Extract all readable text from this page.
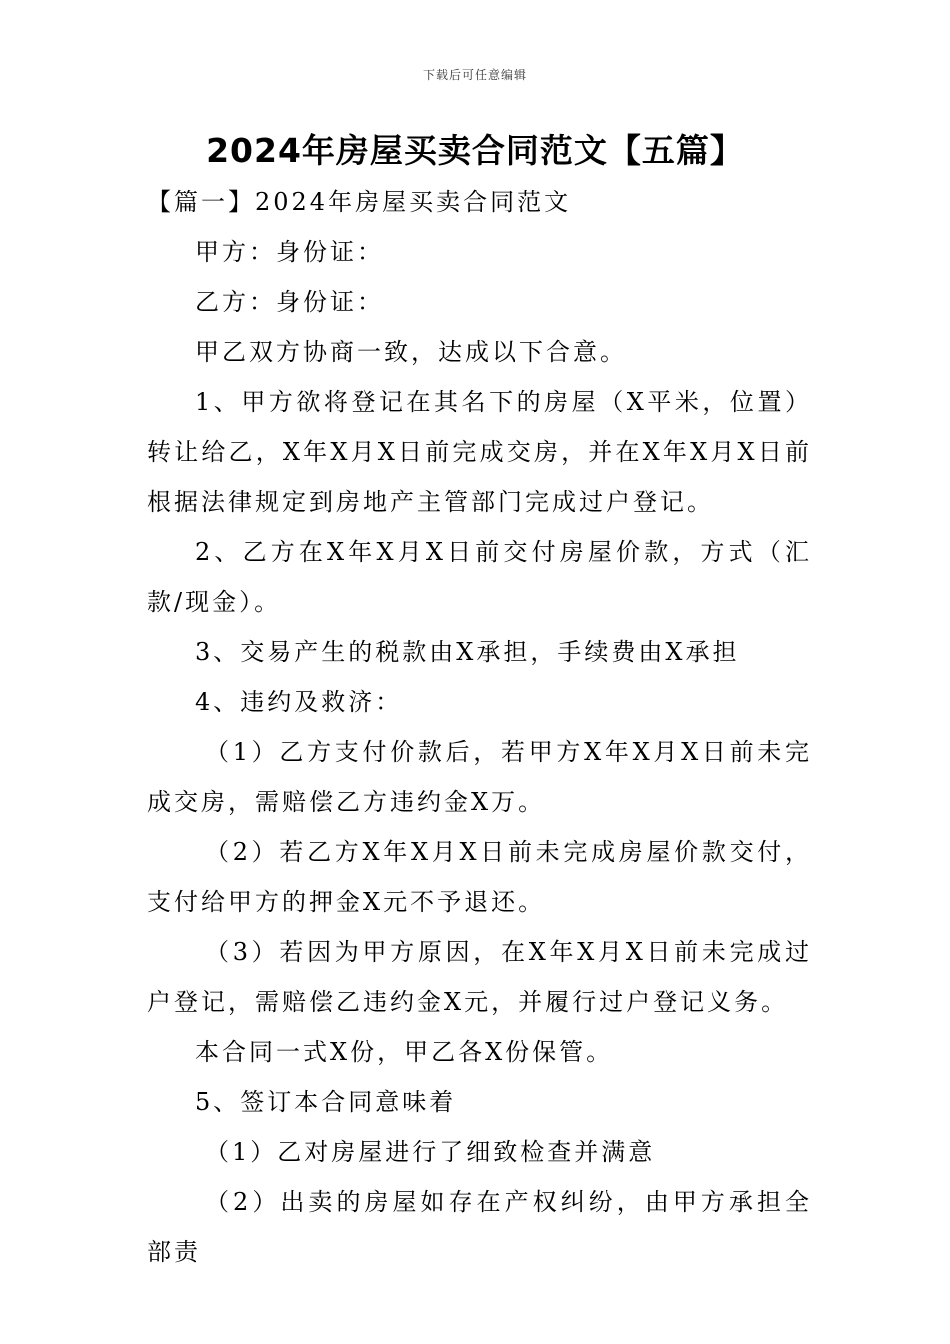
下载后可任意编辑
2024年房屋买卖合同范文【五篇】

【篇一】2024年房屋买卖合同范文

甲方：身份证：

乙方：身份证：

甲乙双方协商一致，达成以下合意。

1、甲方欲将登记在其名下的房屋（X平米，位置）转让给乙，X年X月X日前完成交房，并在X年X月X日前根据法律规定到房地产主管部门完成过户登记。

2、乙方在X年X月X日前交付房屋价款，方式（汇款/现金）。

3、交易产生的税款由X承担，手续费由X承担

4、违约及救济：

（1）乙方支付价款后，若甲方X年X月X日前未完成交房，需赔偿乙方违约金X万。

（2）若乙方X年X月X日前未完成房屋价款交付，支付给甲方的押金X元不予退还。

（3）若因为甲方原因，在X年X月X日前未完成过户登记，需赔偿乙违约金X元，并履行过户登记义务。

本合同一式X份，甲乙各X份保管。

5、签订本合同意味着

（1）乙对房屋进行了细致检查并满意

（2）出卖的房屋如存在产权纠纷，由甲方承担全部责
